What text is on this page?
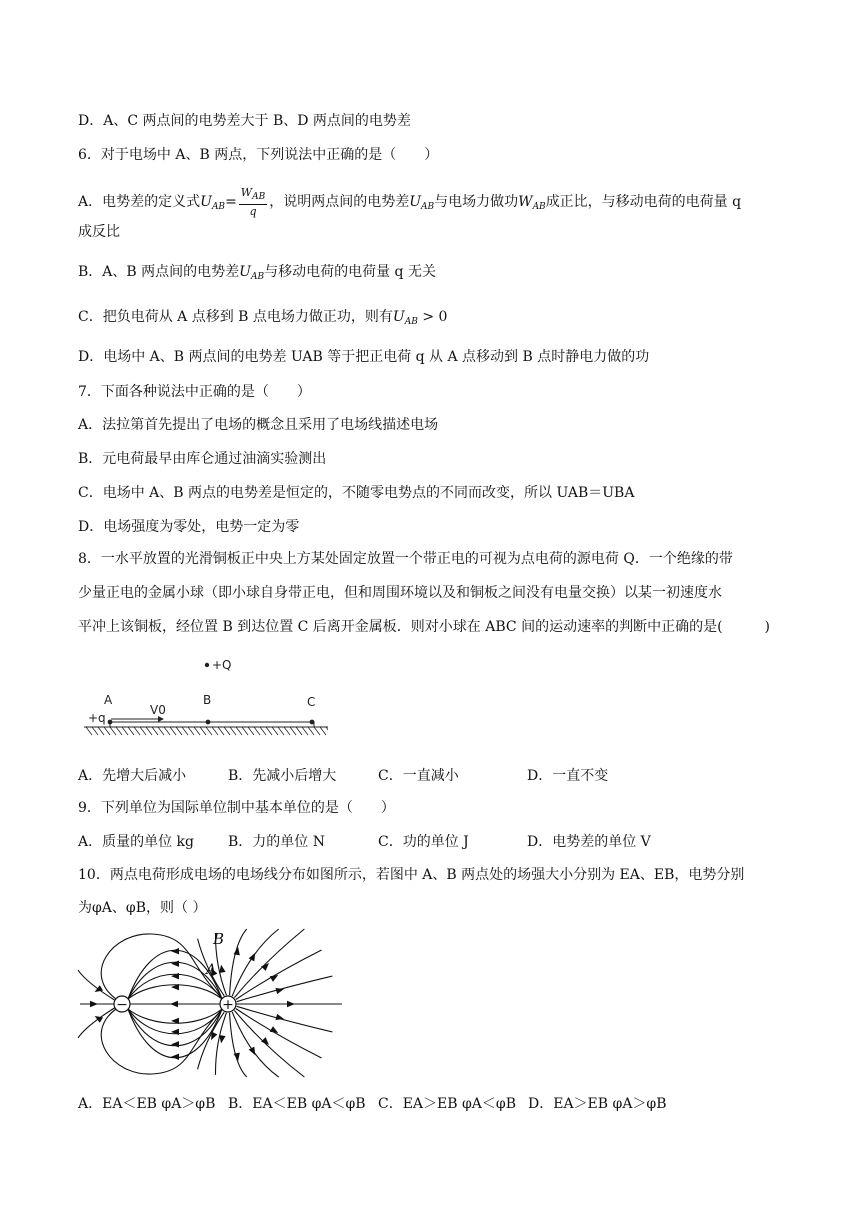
D．A、C 两点间的电势差大于 B、D 两点间的电势差
6．对于电场中 A、B 两点，下列说法中正确的是（　　）
A．电势差的定义式$U_{AB}= \frac{W_{AB}}{q}$ ，说明两点间的电势差$U_{AB}$与电场力做功$W_{AB}$成正比，与移动电荷的电荷量 q
成反比
B．A、B 两点间的电势差$U_{AB}$与移动电荷的电荷量 q 无关
C．把负电荷从 A 点移到 B 点电场力做正功，则有$U_{AB} > 0$
D．电场中 A、B 两点间的电势差 UAB 等于把正电荷 q 从 A 点移动到 B 点时静电力做的功
7．下面各种说法中正确的是（　　）
A．法拉第首先提出了电场的概念且采用了电场线描述电场
B．元电荷最早由库仑通过油滴实验测出
C．电场中 A、B 两点的电势差是恒定的，不随零电势点的不同而改变，所以 UAB＝UBA
D．电场强度为零处，电势一定为零
8．一水平放置的光滑铜板正中央上方某处固定放置一个带正电的可视为点电荷的源电荷 Q．一个绝缘的带
少量正电的金属小球（即小球自身带正电，但和周围环境以及和铜板之间没有电量交换）以某一初速度水
平冲上该铜板，经位置 B 到达位置 C 后离开金属板．则对小球在 ABC 间的运动速率的判断中正确的是(　　　)
+Q
A	B	C
+q
V0
A．先增大后减小	B．先减小后增大	C．一直减小	D．一直不变
9．下列单位为国际单位制中基本单位的是（　　）
A．质量的单位 kg B．力的单位 N	C．功的单位 J	D．电势差的单位 V
10．两点电荷形成电场的电场线分布如图所示，若图中 A、B 两点处的场强大小分别为 EA、EB，电势分别
为φA、φB，则（ ）
−	+
B
A
A．EA＜EB φA＞φB B．EA＜EB φA＜φB C．EA＞EB φA＜φB D．EA＞EB φA＞φB
